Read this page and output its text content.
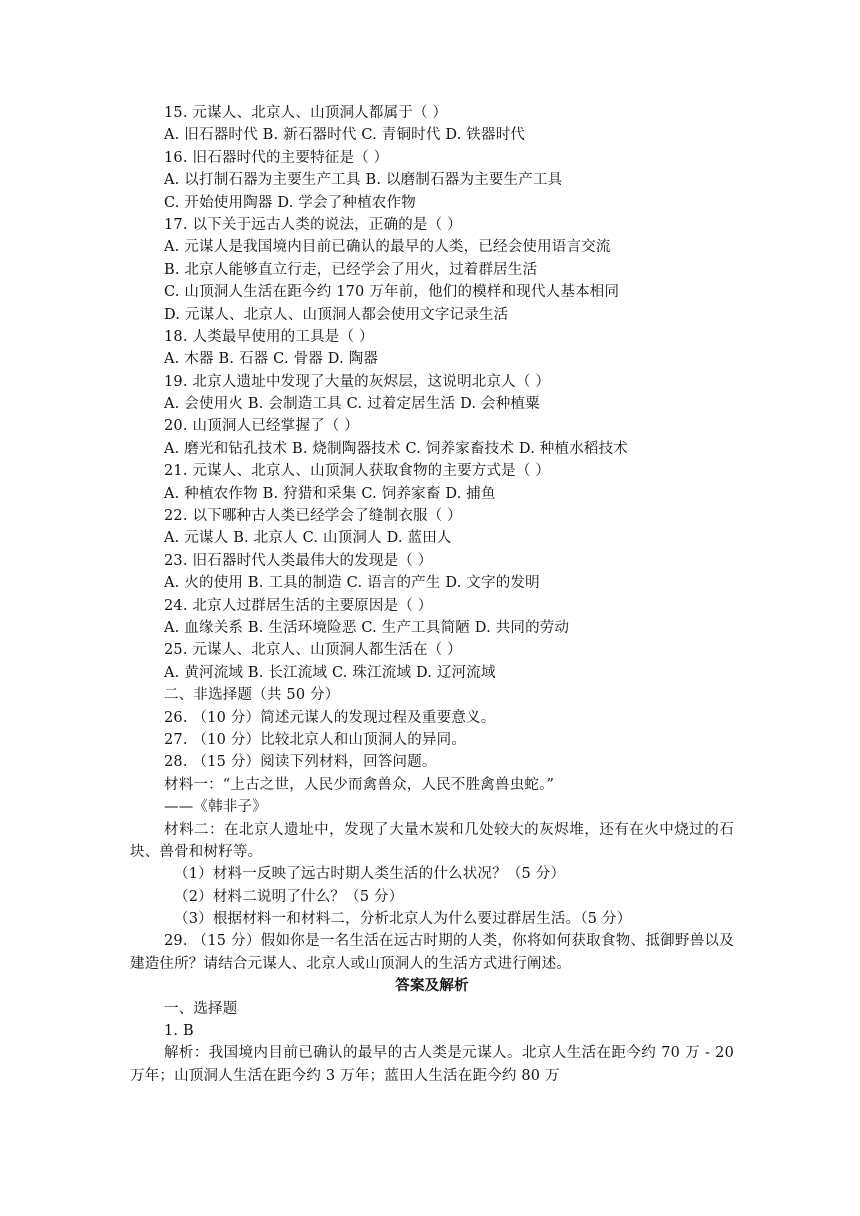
15. 元谋人、北京人、山顶洞人都属于（ ）
A. 旧石器时代 B. 新石器时代 C. 青铜时代 D. 铁器时代
16. 旧石器时代的主要特征是（ ）
A. 以打制石器为主要生产工具 B. 以磨制石器为主要生产工具
C. 开始使用陶器 D. 学会了种植农作物
17. 以下关于远古人类的说法，正确的是（ ）
A. 元谋人是我国境内目前已确认的最早的人类，已经会使用语言交流
B. 北京人能够直立行走，已经学会了用火，过着群居生活
C. 山顶洞人生活在距今约 170 万年前，他们的模样和现代人基本相同
D. 元谋人、北京人、山顶洞人都会使用文字记录生活
18. 人类最早使用的工具是（ ）
A. 木器 B. 石器 C. 骨器 D. 陶器
19. 北京人遗址中发现了大量的灰烬层，这说明北京人（ ）
A. 会使用火 B. 会制造工具 C. 过着定居生活 D. 会种植粟
20. 山顶洞人已经掌握了（ ）
A. 磨光和钻孔技术 B. 烧制陶器技术 C. 饲养家畜技术 D. 种植水稻技术
21. 元谋人、北京人、山顶洞人获取食物的主要方式是（ ）
A. 种植农作物 B. 狩猎和采集 C. 饲养家畜 D. 捕鱼
22. 以下哪种古人类已经学会了缝制衣服（ ）
A. 元谋人 B. 北京人 C. 山顶洞人 D. 蓝田人
23. 旧石器时代人类最伟大的发现是（ ）
A. 火的使用 B. 工具的制造 C. 语言的产生 D. 文字的发明
24. 北京人过群居生活的主要原因是（ ）
A. 血缘关系 B. 生活环境险恶 C. 生产工具简陋 D. 共同的劳动
25. 元谋人、北京人、山顶洞人都生活在（ ）
A. 黄河流域 B. 长江流域 C. 珠江流域 D. 辽河流域
二、非选择题（共 50 分）
26. （10 分）简述元谋人的发现过程及重要意义。
27. （10 分）比较北京人和山顶洞人的异同。
28. （15 分）阅读下列材料，回答问题。
材料一：“上古之世，人民少而禽兽众，人民不胜禽兽虫蛇。”
——《韩非子》
材料二：在北京人遗址中，发现了大量木炭和几处较大的灰烬堆，还有在火中烧过的石块、兽骨和树籽等。
（1）材料一反映了远古时期人类生活的什么状况？（5 分）
（2）材料二说明了什么？（5 分）
（3）根据材料一和材料二，分析北京人为什么要过群居生活。（5 分）
29. （15 分）假如你是一名生活在远古时期的人类，你将如何获取食物、抵御野兽以及建造住所？请结合元谋人、北京人或山顶洞人的生活方式进行阐述。
答案及解析
一、选择题
1. B
解析：我国境内目前已确认的最早的古人类是元谋人。北京人生活在距今约 70 万 - 20 万年；山顶洞人生活在距今约 3 万年；蓝田人生活在距今约 80 万
